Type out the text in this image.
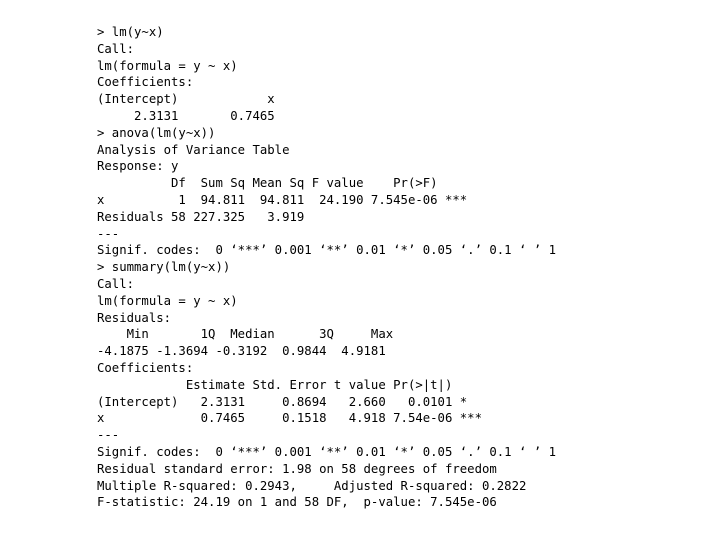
> lm(y~x)
Call:
lm(formula = y ~ x)
Coefficients:
(Intercept)            x
2.3131       0.7465
> anova(lm(y~x))
Analysis of Variance Table
Response: y
Df  Sum Sq Mean Sq F value    Pr(>F)
x          1  94.811  94.811  24.190 7.545e-06 ***
Residuals 58 227.325   3.919
---
Signif. codes:  0 ‘***’ 0.001 ‘**’ 0.01 ‘*’ 0.05 ‘.’ 0.1 ‘ ’ 1
> summary(lm(y~x))
Call:
lm(formula = y ~ x)
Residuals:
Min       1Q  Median      3Q     Max
-4.1875 -1.3694 -0.3192  0.9844  4.9181
Coefficients:
Estimate Std. Error t value Pr(>|t|)
(Intercept)   2.3131     0.8694   2.660   0.0101 *
x             0.7465     0.1518   4.918 7.54e-06 ***
---
Signif. codes:  0 ‘***’ 0.001 ‘**’ 0.01 ‘*’ 0.05 ‘.’ 0.1 ‘ ’ 1
Residual standard error: 1.98 on 58 degrees of freedom
Multiple R-squared: 0.2943,     Adjusted R-squared: 0.2822
F-statistic: 24.19 on 1 and 58 DF,  p-value: 7.545e-06
